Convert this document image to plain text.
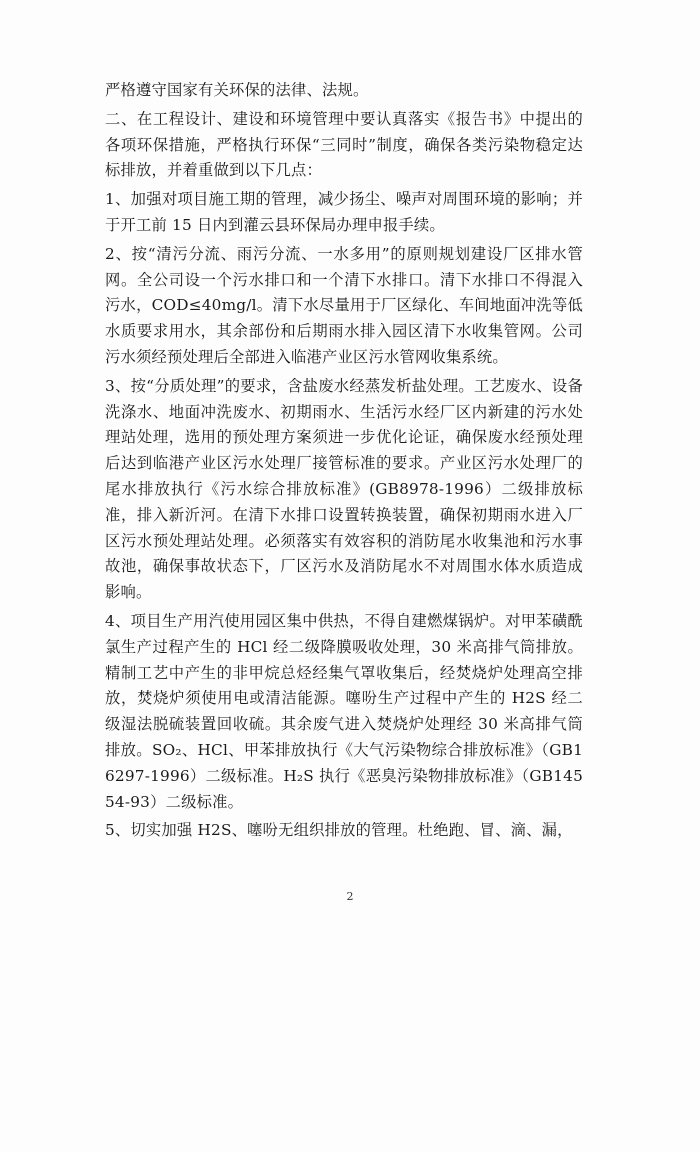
严格遵守国家有关环保的法律、法规。

二、在工程设计、建设和环境管理中要认真落实《报告书》中提出的各项环保措施，严格执行环保“三同时”制度，确保各类污染物稳定达标排放，并着重做到以下几点：

1、加强对项目施工期的管理，减少扬尘、噪声对周围环境的影响；并于开工前 15 日内到灌云县环保局办理申报手续。

2、按“清污分流、雨污分流、一水多用”的原则规划建设厂区排水管网。全公司设一个污水排口和一个清下水排口。清下水排口不得混入污水，COD≤40mg/l。清下水尽量用于厂区绿化、车间地面冲洗等低水质要求用水，其余部份和后期雨水排入园区清下水收集管网。公司污水须经预处理后全部进入临港产业区污水管网收集系统。

3、按“分质处理”的要求，含盐废水经蒸发析盐处理。工艺废水、设备洗涤水、地面冲洗废水、初期雨水、生活污水经厂区内新建的污水处理站处理，选用的预处理方案须进一步优化论证，确保废水经预处理后达到临港产业区污水处理厂接管标准的要求。产业区污水处理厂的尾水排放执行《污水综合排放标准》(GB8978-1996）二级排放标准，排入新沂河。在清下水排口设置转换装置，确保初期雨水进入厂区污水预处理站处理。必须落实有效容积的消防尾水收集池和污水事故池，确保事故状态下，厂区污水及消防尾水不对周围水体水质造成影响。

4、项目生产用汽使用园区集中供热，不得自建燃煤锅炉。对甲苯磺酰氯生产过程产生的 HCl 经二级降膜吸收处理，30 米高排气筒排放。精制工艺中产生的非甲烷总烃经集气罩收集后，经焚烧炉处理高空排放，焚烧炉须使用电或清洁能源。噻吩生产过程中产生的 H2S 经二级湿法脱硫装置回收硫。其余废气进入焚烧炉处理经 30 米高排气筒排放。SO₂、HCl、甲苯排放执行《大气污染物综合排放标准》（GB16297-1996）二级标准。H₂S 执行《恶臭污染物排放标准》（GB14554-93）二级标准。

5、切实加强 H2S、噻吩无组织排放的管理。杜绝跑、冒、滴、漏，

2
